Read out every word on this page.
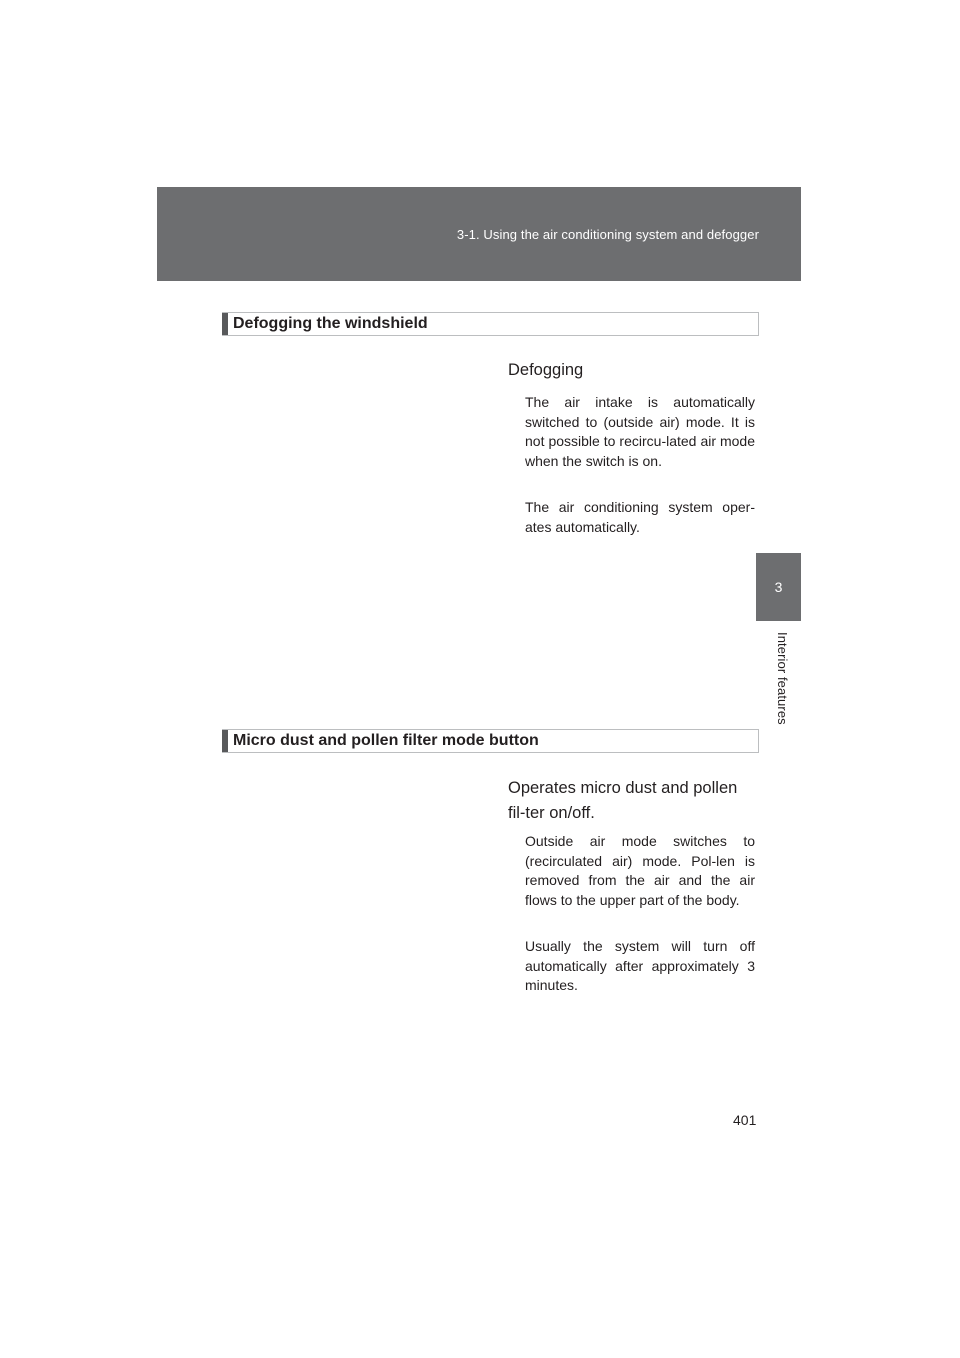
3-1. Using the air conditioning system and defogger
3
Interior features
Defogging the windshield
Defogging
The air intake is automatically switched to (outside air) mode. It is not possible to recircu-lated air mode when the switch is on.
The air conditioning system oper-ates automatically.
Micro dust and pollen filter mode button
Operates micro dust and pollen fil-ter on/off.
Outside air mode switches to (recirculated air) mode. Pol-len is removed from the air and the air flows to the upper part of the body.
Usually the system will turn off automatically after approximately 3 minutes.
401
